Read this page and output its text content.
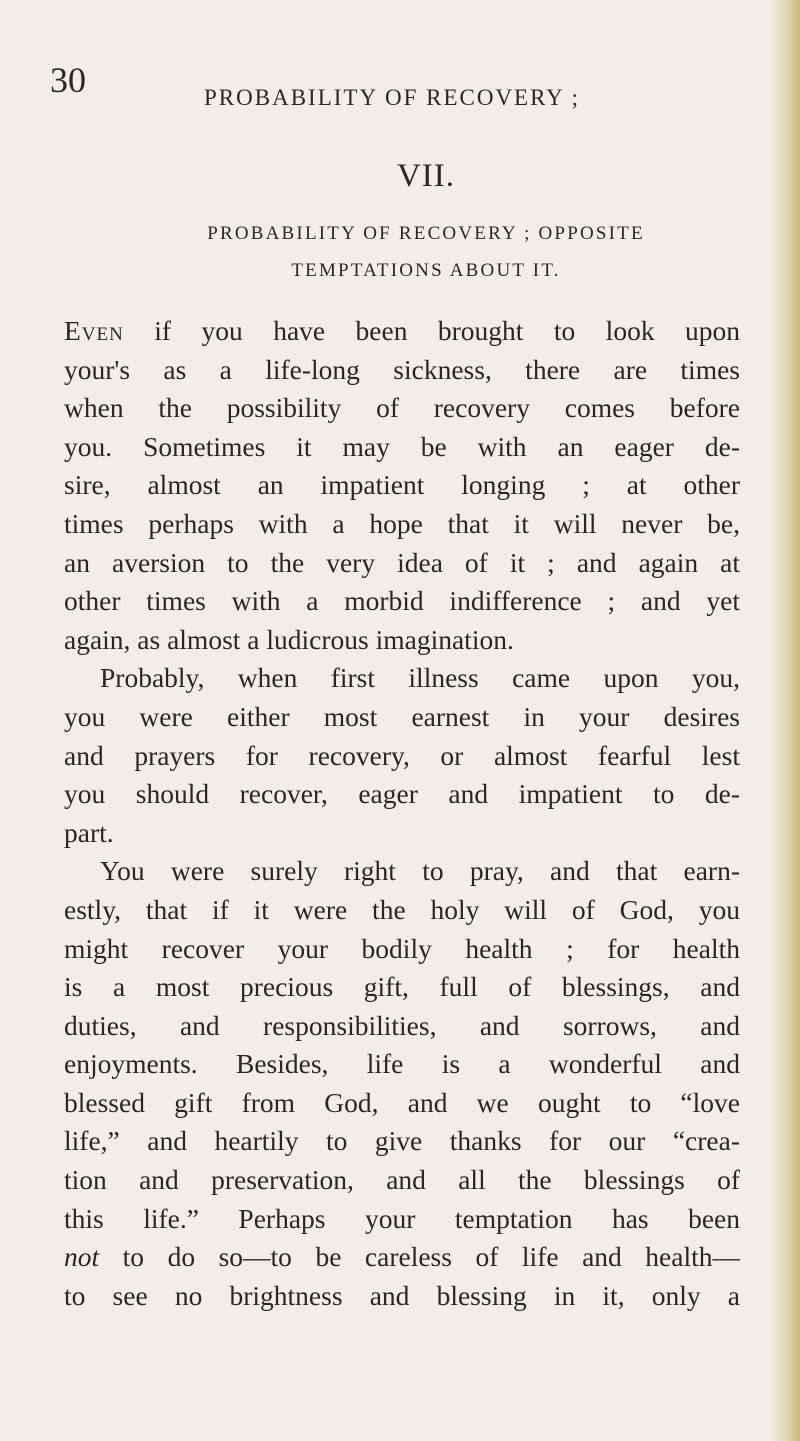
30	PROBABILITY OF RECOVERY ;
VII.
PROBABILITY OF RECOVERY ; OPPOSITE
TEMPTATIONS ABOUT IT.
Even if you have been brought to look upon
your's as a life-long sickness, there are times
when the possibility of recovery comes before
you. Sometimes it may be with an eager de-
sire, almost an impatient longing ; at other
times perhaps with a hope that it will never be,
an aversion to the very idea of it ; and again at
other times with a morbid indifference ; and yet
again, as almost a ludicrous imagination.
Probably, when first illness came upon you,
you were either most earnest in your desires
and prayers for recovery, or almost fearful lest
you should recover, eager and impatient to de-
part.
You were surely right to pray, and that earn-
estly, that if it were the holy will of God, you
might recover your bodily health ; for health
is a most precious gift, full of blessings, and
duties, and responsibilities, and sorrows, and
enjoyments. Besides, life is a wonderful and
blessed gift from God, and we ought to “love
life,” and heartily to give thanks for our “crea-
tion and preservation, and all the blessings of
this life.” Perhaps your temptation has been
not to do so—to be careless of life and health—
to see no brightness and blessing in it, only a
